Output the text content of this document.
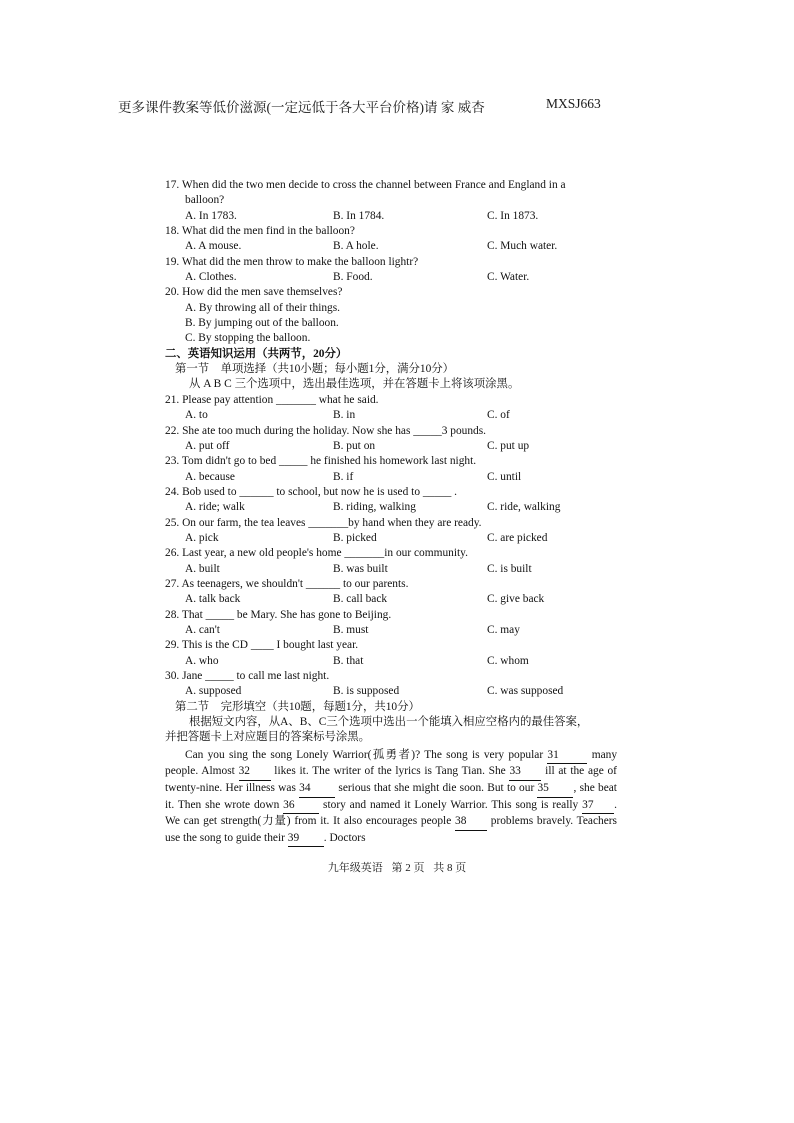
更多课件教案等低价滋源(一定远低于各大平台价格)请 家 威杏	MXSJ663
17. When did the two men decide to cross the channel between France and England in a
balloon?
A. In 1783.	B. In 1784.	C. In 1873.
18. What did the men find in the balloon?
A. A mouse.	B. A hole.	C. Much water.
19. What did the men throw to make the balloon lightr?
A. Clothes.	B. Food.	C. Water.
20. How did the men save themselves?
A. By throwing all of their things.
B. By jumping out of the balloon.
C. By stopping the balloon.
二、英语知识运用（共两节，20分）
第一节　单项选择（共10小题；每小题1分，满分10分）
从 A B C 三个选项中，选出最佳选项，并在答题卡上将该项涂黑。
21. Please pay attention _______ what he said.
A. to	B. in	C. of
22. She ate too much during the holiday. Now she has _____3 pounds.
A. put off	B. put on	C. put up
23. Tom didn't go to bed _____ he finished his homework last night.
A. because	B. if	C. until
24. Bob used to ______ to school, but now he is used to _____ .
A. ride; walk	B. riding, walking	C. ride, walking
25. On our farm, the tea leaves _______by hand when they are ready.
A. pick	B. picked	C. are picked
26. Last year, a new old people's home _______in our community.
A. built	B. was built	C. is built
27. As teenagers, we shouldn't ______ to our parents.
A. talk back	B. call back	C. give back
28. That _____ be Mary. She has gone to Beijing.
A. can't	B. must	C. may
29. This is the CD ____ I bought last year.
A. who	B. that	C. whom
30. Jane _____ to call me last night.
A. supposed	B. is supposed	C. was supposed
第二节　完形填空（共10题，每题1分，共10分）
根据短文内容，从A、B、C三个选项中选出一个能填入相应空格内的最佳答案，
并把答题卡上对应题目的答案标号涂黑。
Can you sing the song Lonely Warrior(孤勇者)? The song is very popular 31	many people. Almost 32 likes it. The writer of the lyrics is Tang Tian. She 33 ill at the age of twenty-nine. Her illness was 34 serious that she might die soon. But to our 35 , she beat it. Then she wrote down 36 story and named it Lonely Warrior. This song is really 37 . We can get strength(力量) from it. It also encourages people 38 problems bravely. Teachers use the song to guide their 39 . Doctors
九年级英语 第 2 页 共 8 页
